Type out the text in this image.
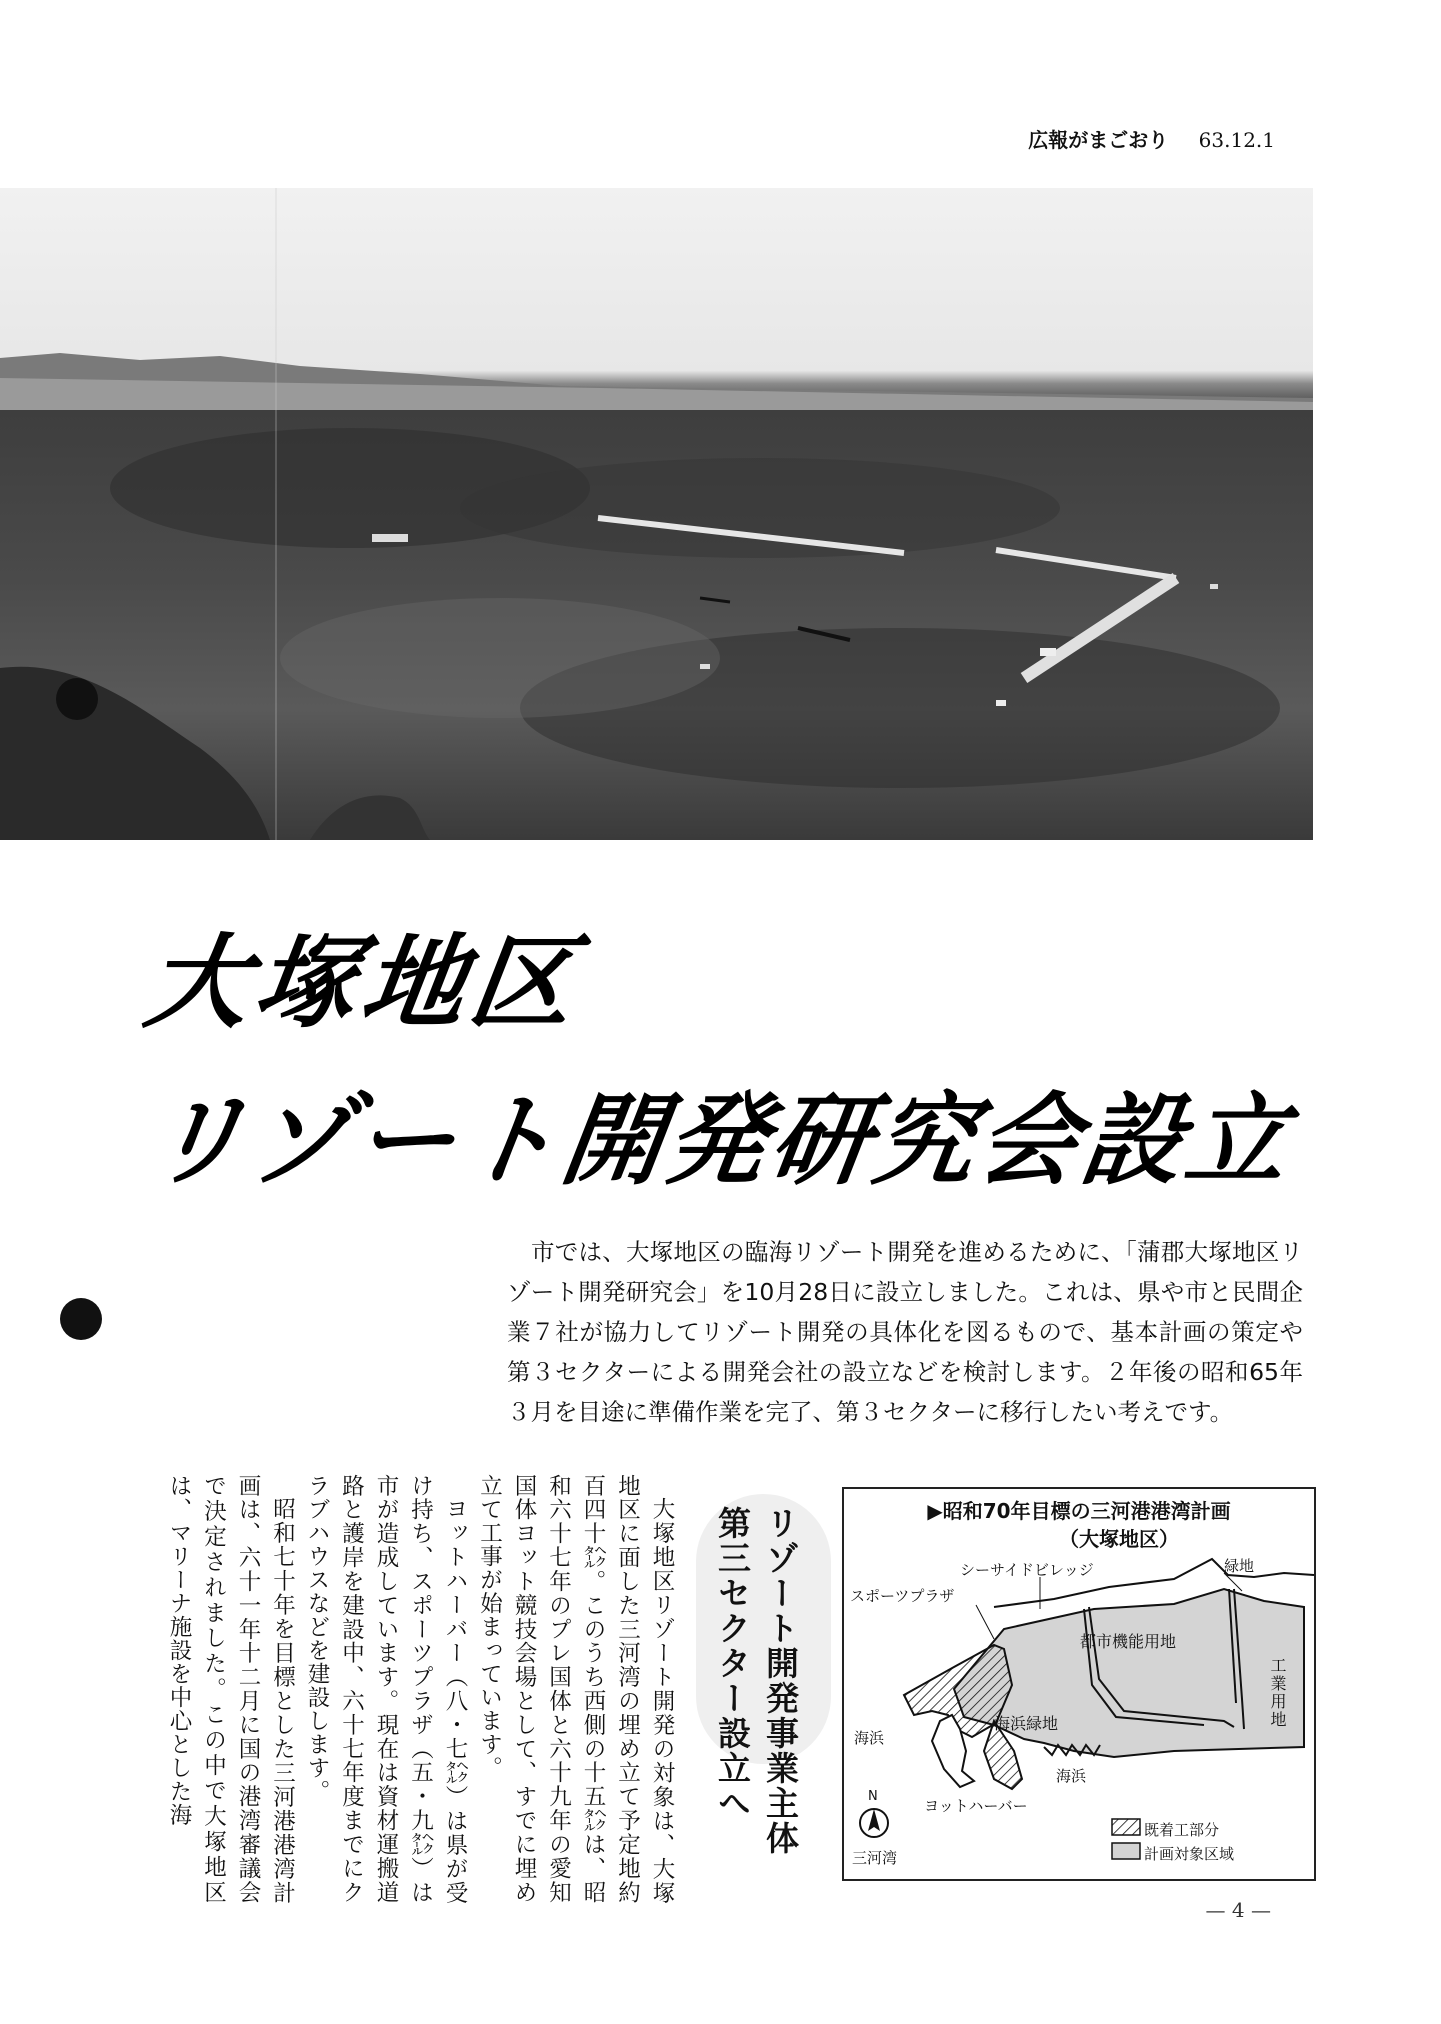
広報がまごおり 63.12.1
大塚地区
リゾート開発研究会設立
市では、大塚地区の臨海リゾート開発を進めるために、「蒲郡大塚地区リゾート開発研究会」を10月28日に設立しました。これは、県や市と民間企業７社が協力してリゾート開発の具体化を図るもので、基本計画の策定や第３セクターによる開発会社の設立などを検討します。２年後の昭和65年３月を目途に準備作業を完了、第３セクターに移行したい考えです。

大塚地区リゾート開発の対象は、大塚地区に面した三河湾の埋め立て予定地約百四十㌶。このうち西側の十五㌶は、昭和六十七年のプレ国体と六十九年の愛知国体ヨット競技会場として、すでに埋め立て工事が始まっています。

ヨットハーバー（八・七㌶）は県が受け持ち、スポーツプラザ（五・九㌶）は市が造成しています。現在は資材運搬道路と護岸を建設中、六十七年度までにクラブハウスなどを建設します。

昭和七十年を目標とした三河港港湾計画は、六十一年十二月に国の港湾審議会で決定されました。この中で大塚地区は、マリーナ施設を中心とした海	リゾート開発事業主体
第三セクター設立へ	▶昭和70年目標の三河港港湾計画
（大塚地区）
シーサイドビレッジ	緑地
スポーツプラザ
都市機能用地
工業用地
海浜緑地
海浜
海浜
ヨットハーバー
N
三河湾
既着工部分
計画対象区域
— 4 —
